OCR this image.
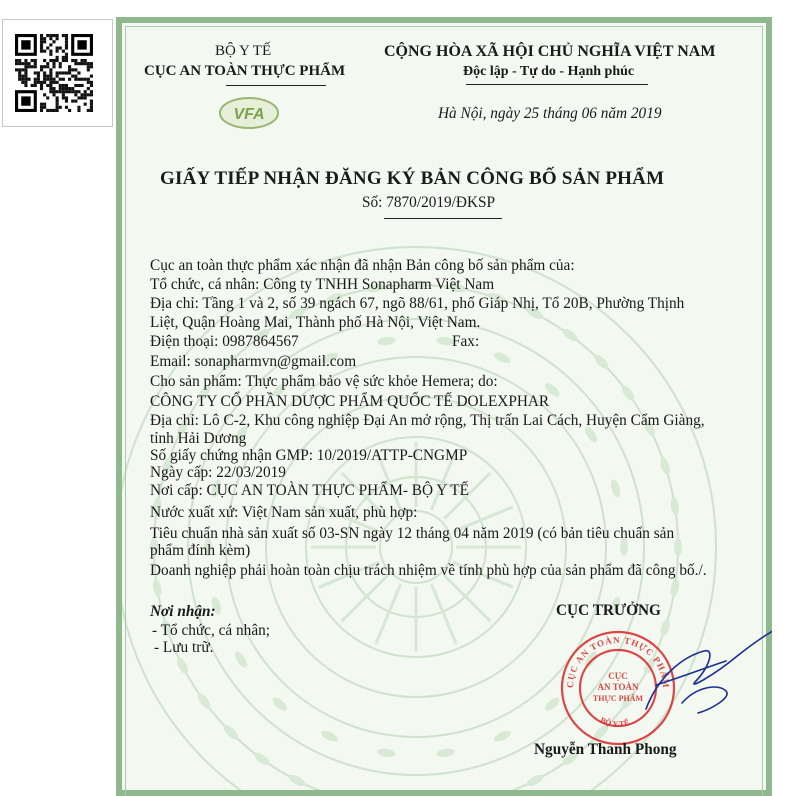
BỘ Y TẾ
CỤC AN TOÀN THỰC PHẨM
VFA
CỘNG HÒA XÃ HỘI CHỦ NGHĨA VIỆT NAM
Độc lập - Tự do - Hạnh phúc
Hà Nội, ngày 25 tháng 06 năm 2019
GIẤY TIẾP NHẬN ĐĂNG KÝ BẢN CÔNG BỐ SẢN PHẨM
Số: 7870/2019/ĐKSP
Cục an toàn thực phẩm xác nhận đã nhận Bản công bố sản phẩm của:
Tổ chức, cá nhân: Công ty TNHH Sonapharm Việt Nam
Địa chỉ: Tầng 1 và 2, số 39 ngách 67, ngõ 88/61, phố Giáp Nhị, Tổ 20B, Phường Thịnh
Liệt, Quận Hoàng Mai, Thành phố Hà Nội, Việt Nam.
Điện thoại: 0987864567	Fax:
Email: sonapharmvn@gmail.com
Cho sản phẩm: Thực phẩm bảo vệ sức khỏe Hemera; do:
CÔNG TY CỔ PHẦN DƯỢC PHẨM QUỐC TẾ DOLEXPHAR
Địa chỉ: Lô C-2, Khu công nghiệp Đại An mở rộng, Thị trấn Lai Cách, Huyện Cẩm Giàng,
tỉnh Hải Dương
Số giấy chứng nhận GMP: 10/2019/ATTP-CNGMP
Ngày cấp: 22/03/2019
Nơi cấp: CỤC AN TOÀN THỰC PHẨM- BỘ Y TẾ
Nước xuất xứ: Việt Nam sản xuất, phù hợp:
Tiêu chuẩn nhà sản xuất số 03-SN ngày 12 tháng 04 năm 2019 (có bản tiêu chuẩn sản
phẩm đính kèm)
Doanh nghiệp phải hoàn toàn chịu trách nhiệm về tính phù hợp của sản phẩm đã công bố./.
Nơi nhận:
- Tổ chức, cá nhân;
- Lưu trữ.
CỤC TRƯỞNG
CỤC AN TOÀN THỰC PHẨM
CỤC
AN TOÀN
THỰC PHẨM
BỘ Y TẾ
Nguyễn Thanh Phong
